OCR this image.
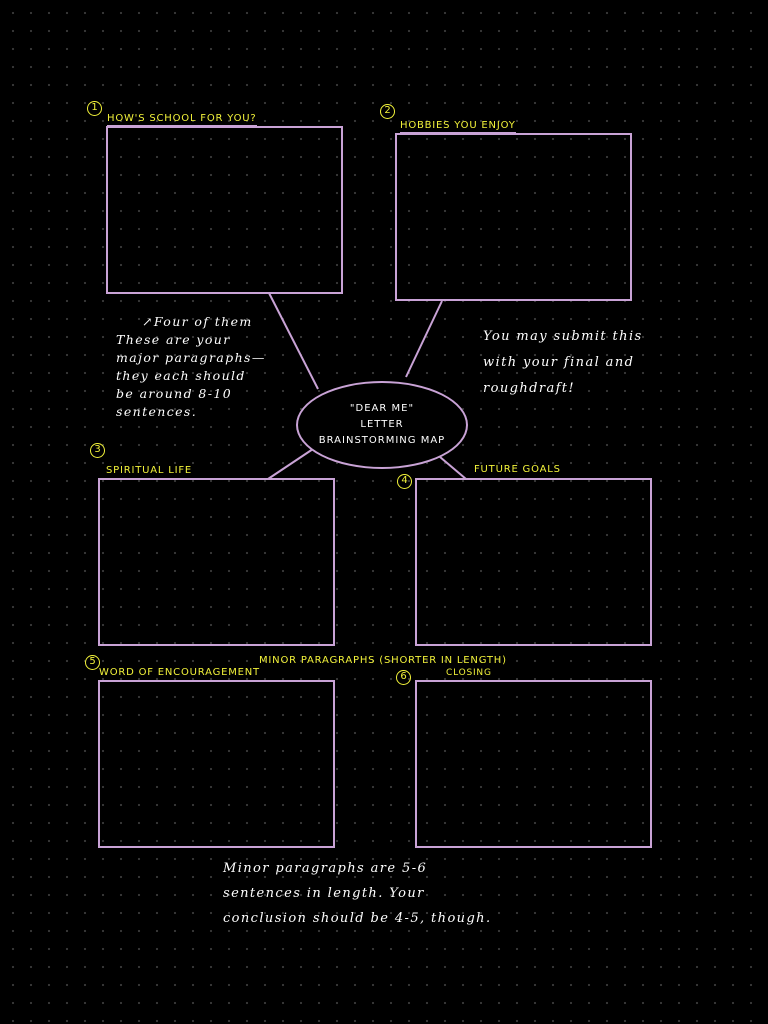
1
HOW'S SCHOOL FOR YOU?
2
HOBBIES YOU ENJOY
↗Four of them
These are your
major paragraphs—
they each should
be around 8-10
sentences.
You may submit this
with your final and
roughdraft!
"DEAR ME"
LETTER
BRAINSTORMING MAP
3
SPIRITUAL LIFE
4
FUTURE GOALS
MINOR PARAGRAPHS (SHORTER IN LENGTH)
5
WORD OF ENCOURAGEMENT	6	CLOSING
Minor paragraphs are 5-6
sentences in length. Your
conclusion should be 4-5, though.
